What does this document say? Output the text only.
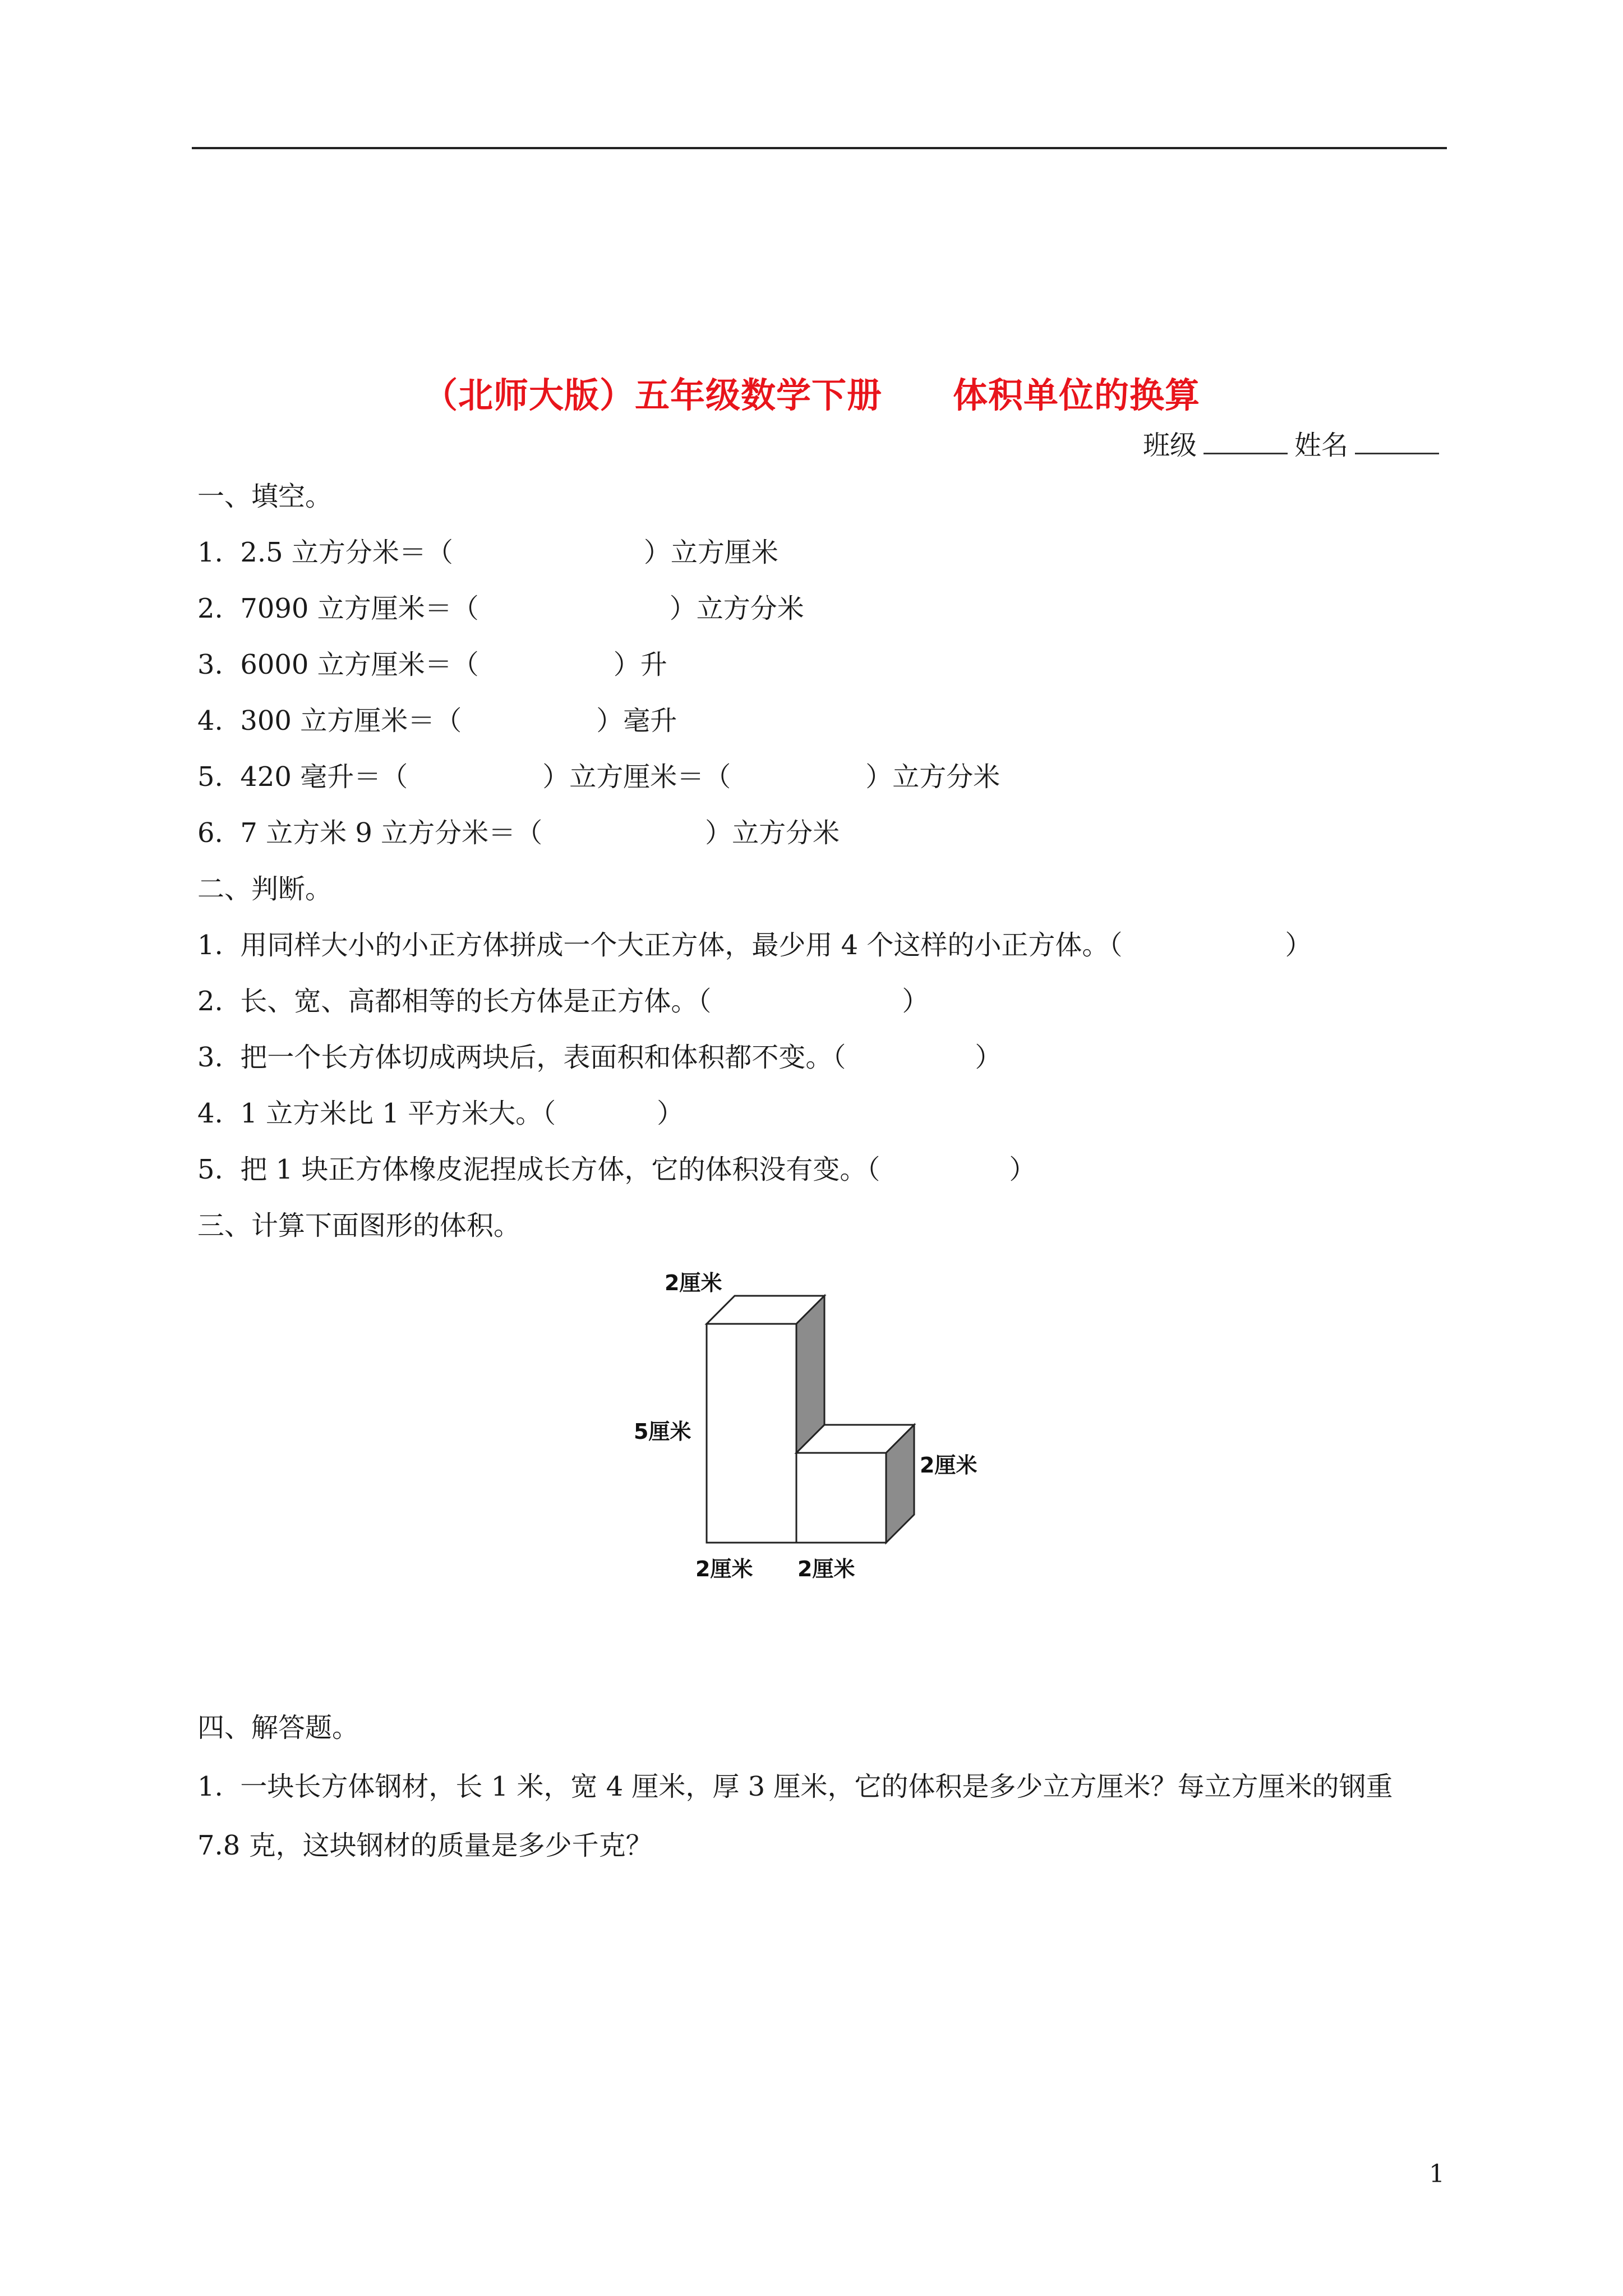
（北师大版）五年级数学下册　　体积单位的换算
班级	姓名
一、填空。
1. 2.5 立方分米＝（	）立方厘米
2. 7090 立方厘米＝（	）立方分米
3. 6000 立方厘米＝（	）升
4. 300 立方厘米＝（	）毫升
5. 420 毫升＝（	）立方厘米＝（	）立方分米
6. 7 立方米 9 立方分米＝（	）立方分米
二、判断。
1. 用同样大小的小正方体拼成一个大正方体，最少用 4 个这样的小正方体。（	）
2. 长、宽、高都相等的长方体是正方体。（	）
3. 把一个长方体切成两块后，表面积和体积都不变。（	）
4. 1 立方米比 1 平方米大。（	）
5. 把 1 块正方体橡皮泥捏成长方体，它的体积没有变。（	）
三、计算下面图形的体积。
2厘米
5厘米
2厘米
2厘米 2厘米
四、解答题。
1.  一块长方体钢材，长 1 米，宽 4 厘米，厚 3 厘米，它的体积是多少立方厘米？每立方厘米的钢重
7.8 克，这块钢材的质量是多少千克？
1
